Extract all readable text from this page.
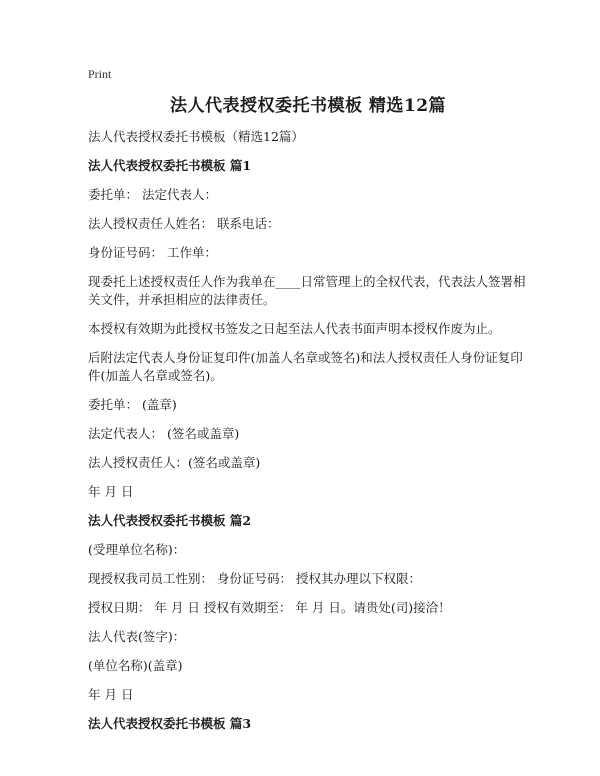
Print
法人代表授权委托书模板 精选12篇
法人代表授权委托书模板（精选12篇）
法人代表授权委托书模板 篇1
委托单： 法定代表人：
法人授权责任人姓名： 联系电话：
身份证号码： 工作单：
现委托上述授权责任人作为我单在____日常管理上的全权代表，代表法人签署相关文件，并承担相应的法律责任。
本授权有效期为此授权书签发之日起至法人代表书面声明本授权作废为止。
后附法定代表人身份证复印件(加盖人名章或签名)和法人授权责任人身份证复印件(加盖人名章或签名)。
委托单： (盖章)
法定代表人： (签名或盖章)
法人授权责任人：(签名或盖章)
年 月 日
法人代表授权委托书模板 篇2
(受理单位名称)：
现授权我司员工性别： 身份证号码： 授权其办理以下权限：
授权日期： 年 月 日 授权有效期至： 年 月 日。请贵处(司)接洽！
法人代表(签字)：
(单位名称)(盖章)
年 月 日
法人代表授权委托书模板 篇3
